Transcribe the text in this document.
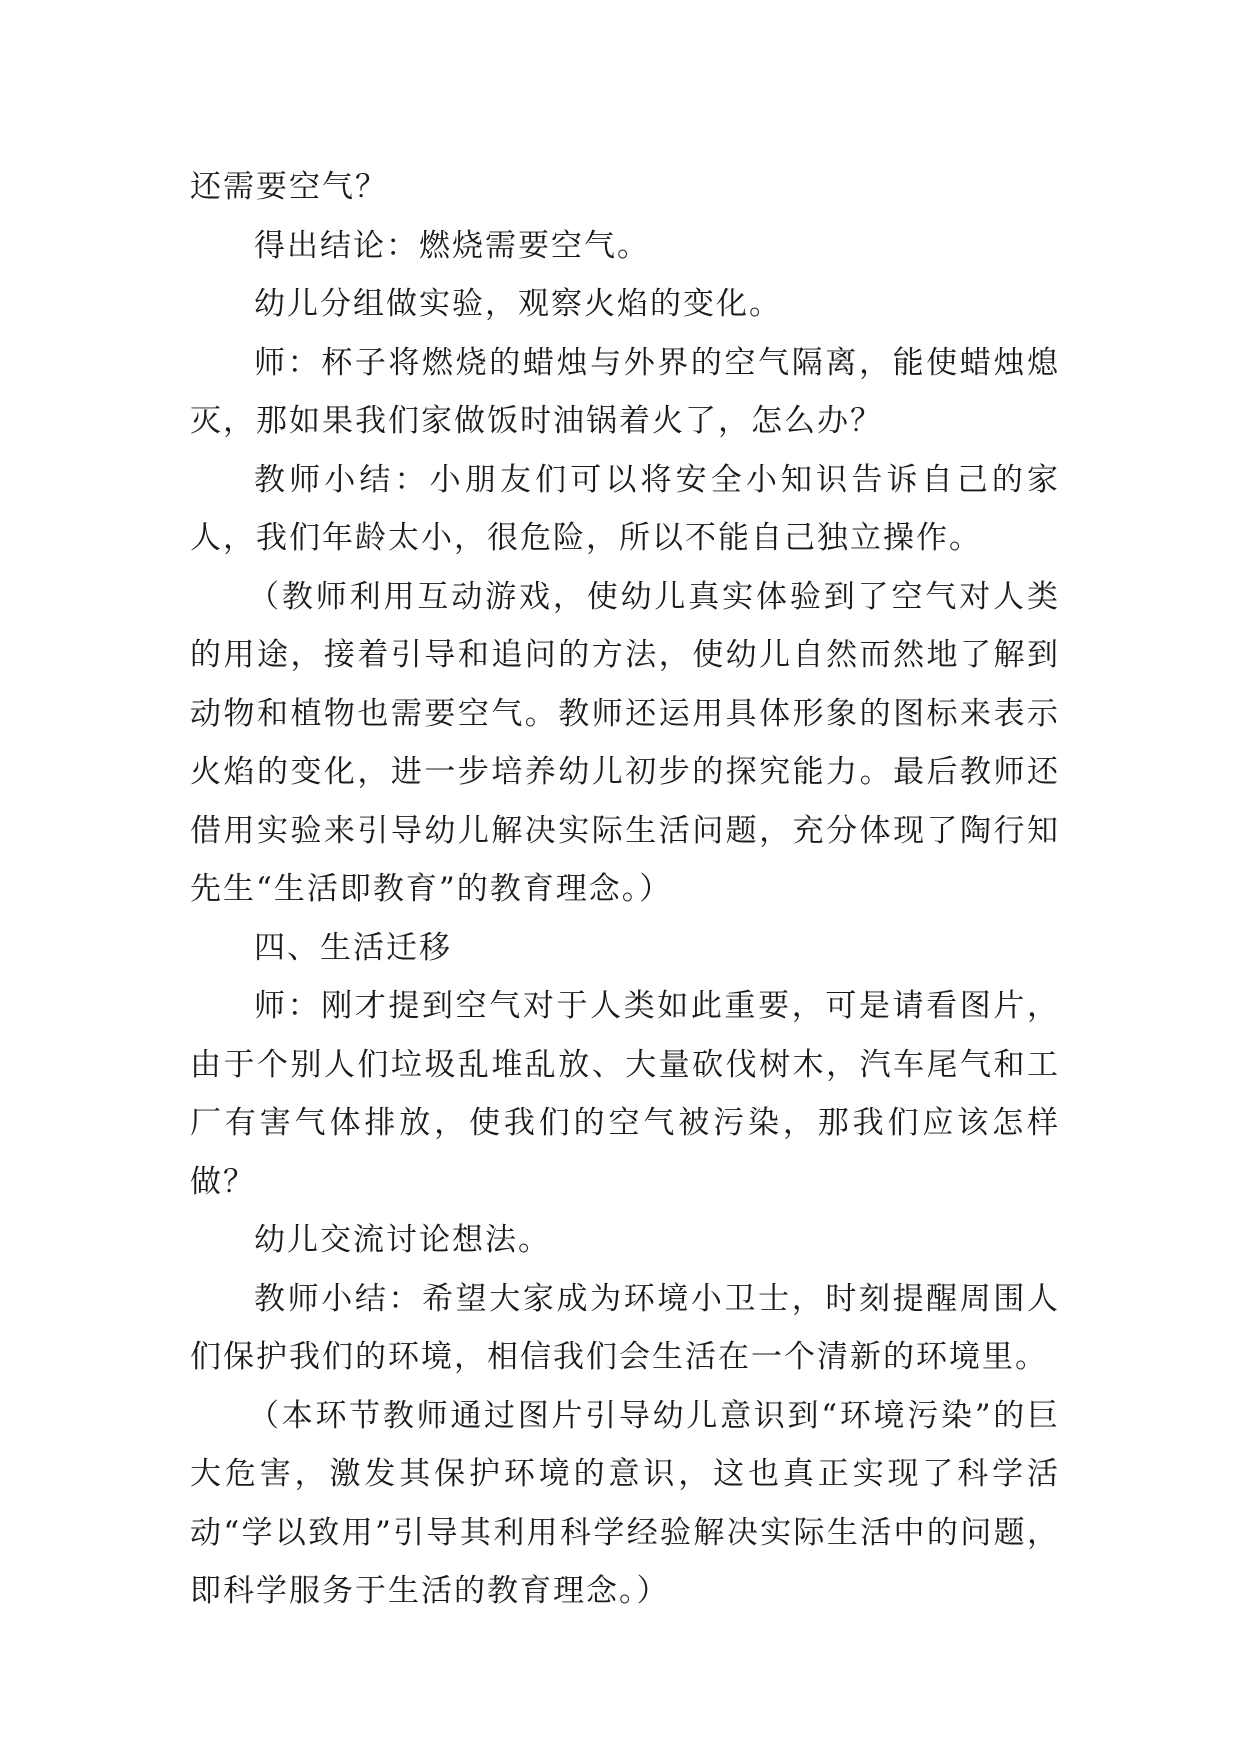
还需要空气？

得出结论：燃烧需要空气。

幼儿分组做实验，观察火焰的变化。

师：杯子将燃烧的蜡烛与外界的空气隔离，能使蜡烛熄灭，那如果我们家做饭时油锅着火了，怎么办？

教师小结：小朋友们可以将安全小知识告诉自己的家人，我们年龄太小，很危险，所以不能自己独立操作。

（教师利用互动游戏，使幼儿真实体验到了空气对人类的用途，接着引导和追问的方法，使幼儿自然而然地了解到动物和植物也需要空气。教师还运用具体形象的图标来表示火焰的变化，进一步培养幼儿初步的探究能力。最后教师还借用实验来引导幼儿解决实际生活问题，充分体现了陶行知先生“生活即教育”的教育理念。）

四、生活迁移

师：刚才提到空气对于人类如此重要，可是请看图片，由于个别人们垃圾乱堆乱放、大量砍伐树木，汽车尾气和工厂有害气体排放，使我们的空气被污染，那我们应该怎样做？

幼儿交流讨论想法。

教师小结：希望大家成为环境小卫士，时刻提醒周围人们保护我们的环境，相信我们会生活在一个清新的环境里。

（本环节教师通过图片引导幼儿意识到“环境污染”的巨大危害，激发其保护环境的意识，这也真正实现了科学活动“学以致用”引导其利用科学经验解决实际生活中的问题，即科学服务于生活的教育理念。）
